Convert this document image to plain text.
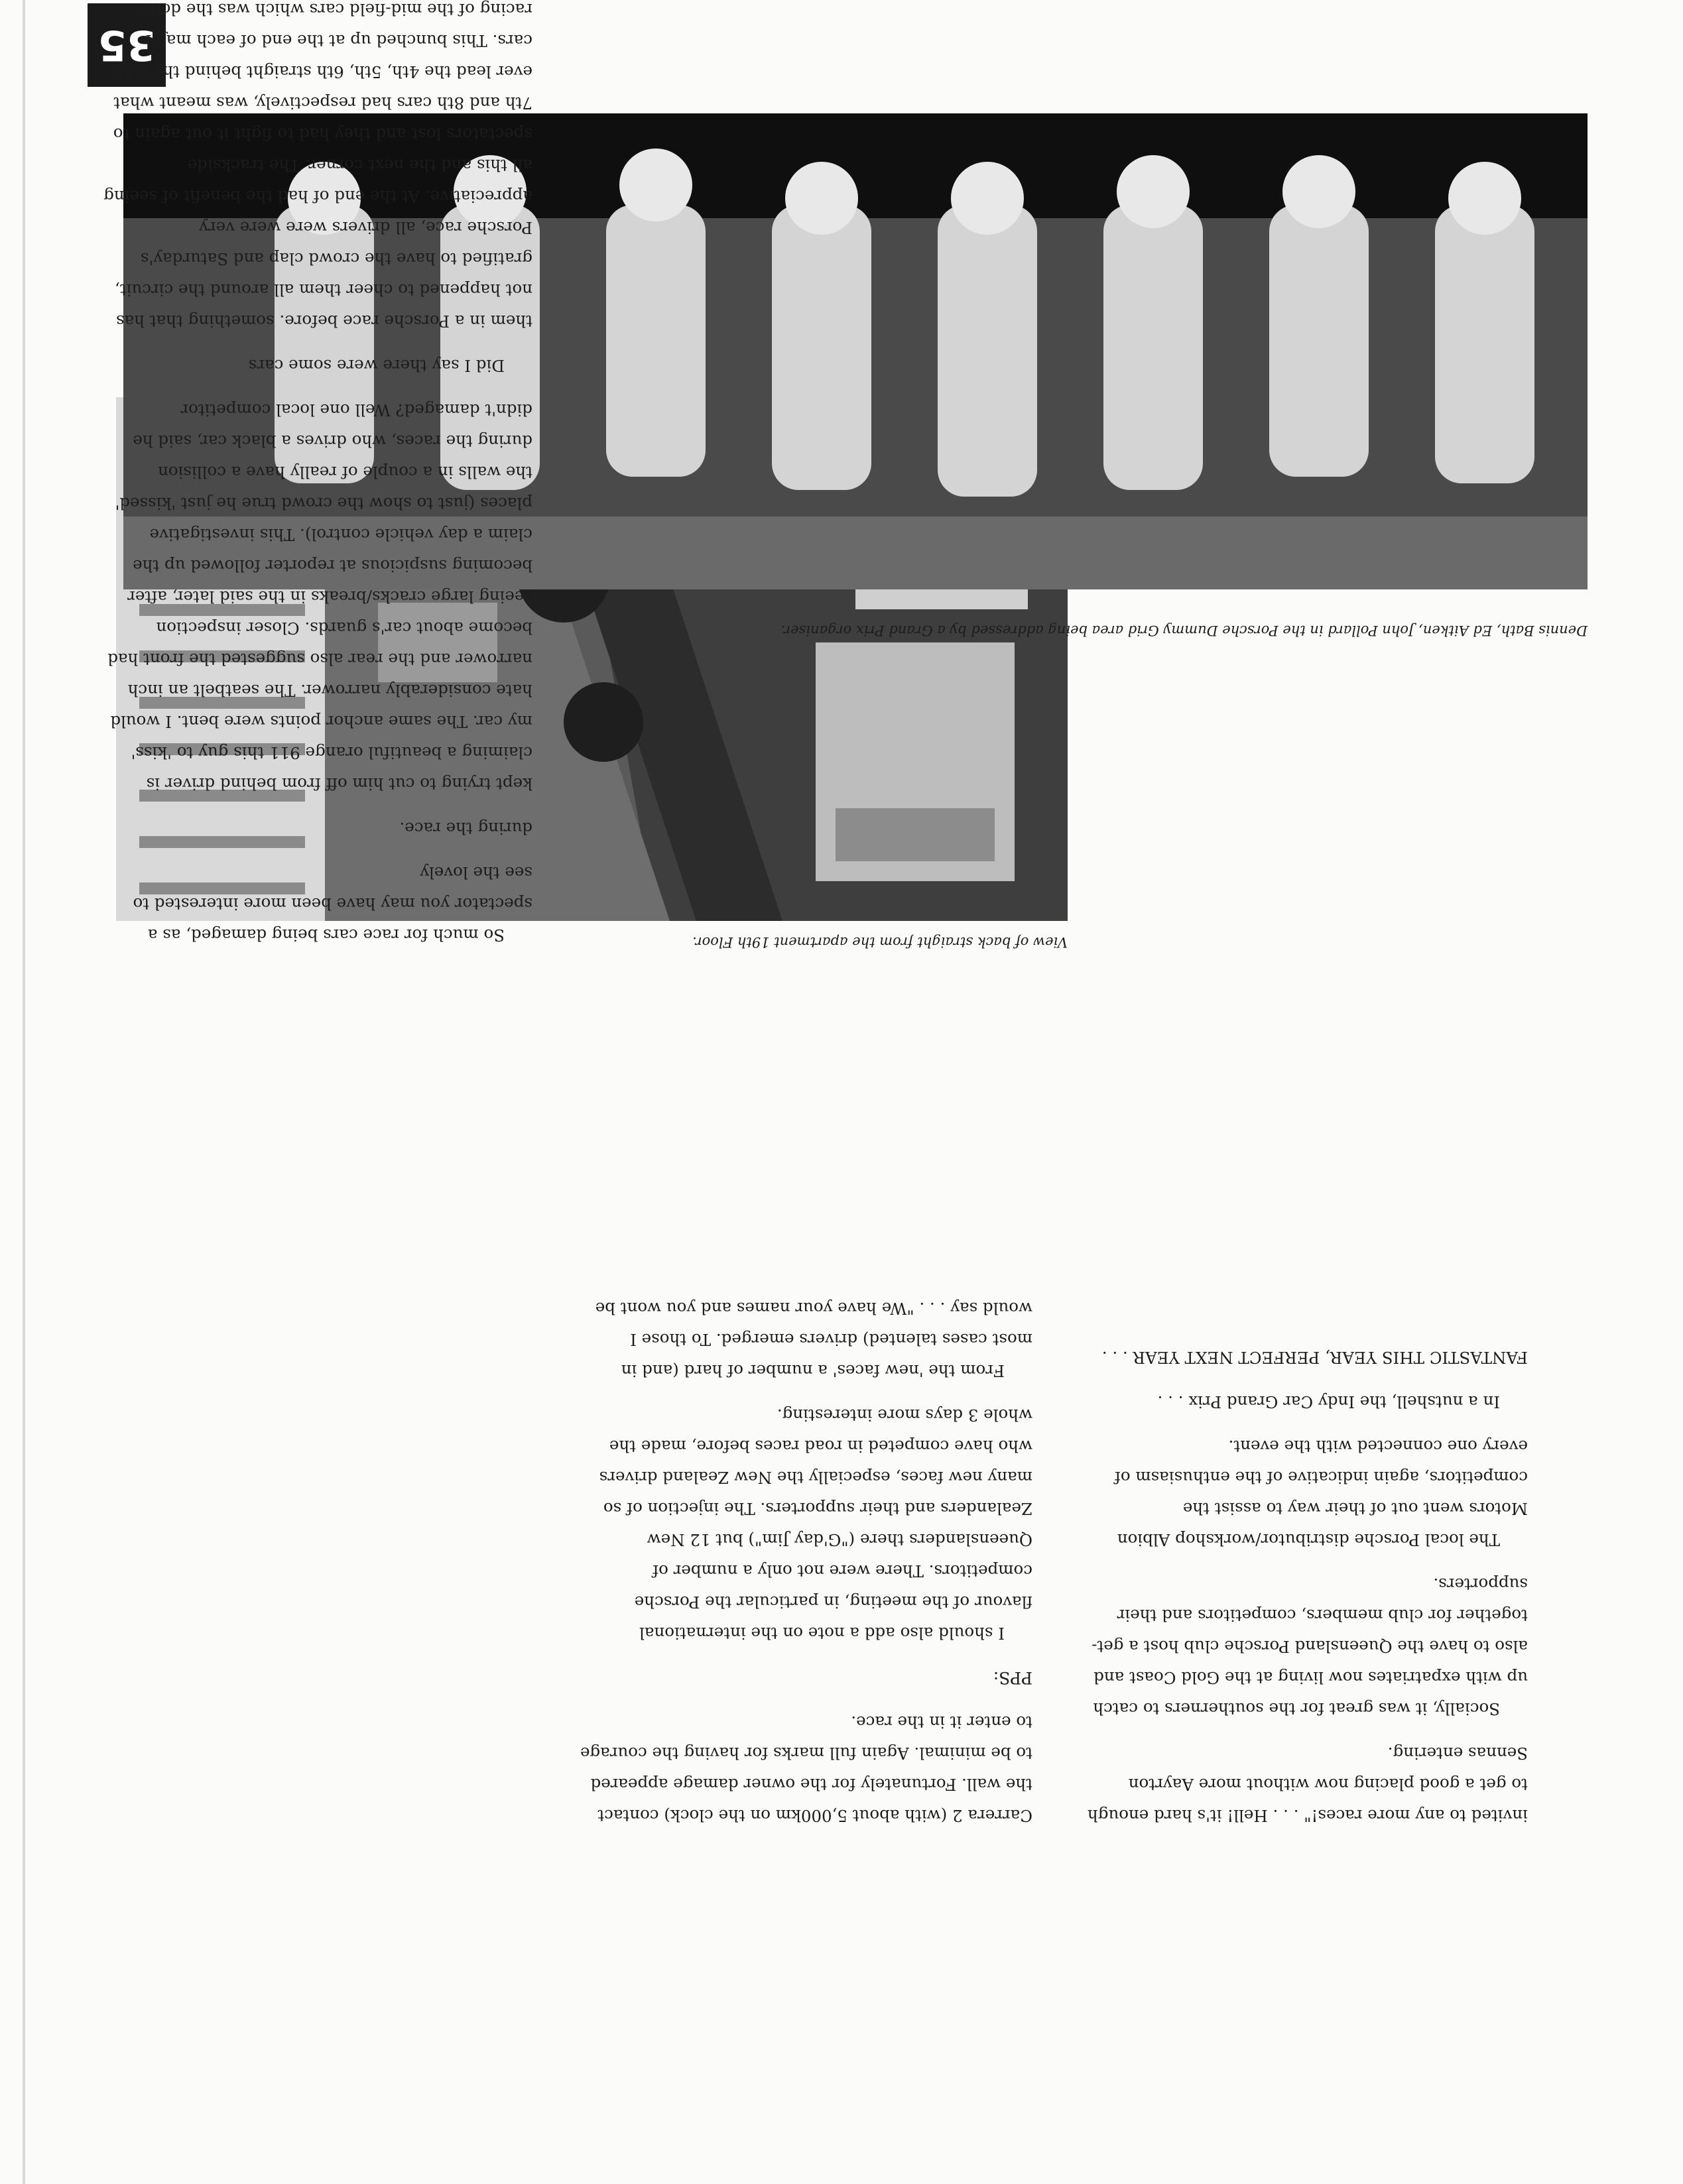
35

invited to any more races!" . . . Hell! it's hard enough to get a good placing now without more Aayrton Sennas entering.

Socially, it was great for the southerners to catch up with expatriates now living at the Gold Coast and also to have the Queensland Porsche club host a get-together for club members, competitors and their supporters.

The local Porsche distributor/workshop Albion Motors went out of their way to assist the competitors, again indicative of the enthusiasm of every one connected with the event.

In a nutshell, the Indy Car Grand Prix . . .

FANTASTIC THIS YEAR, PERFECT NEXT YEAR . . .

Carrera 2 (with about 5,000km on the clock) contact the wall. Fortunately for the owner damage appeared to be minimal. Again full marks for having the courage to enter it in the race.

PPS:

I should also add a note on the international flavour of the meeting, in particular the Porsche competitors. There were not only a number of Queenslanders there ("G'day Jim") but 12 New Zealanders and their supporters. The injection of so many new faces, especially the New Zealand drivers who have competed in road races before, made the whole 3 days more interesting.

From the 'new faces' a number of hard (and in most cases talented) drivers emerged. To those I would say . . . "We have your names and you wont be

View of back straight from the apartment 19th Floor.
Dennis Bath, Ed Aitken, John Pollard in the Porsche Dummy Grid area being addressed by a Grand Prix organiser.

So much for race cars being damaged, as a spectator you may have been more interested to see the lovely

during the race.

kept trying to cut him off from behind driver is claiming a beautiful orange 911 this guy to 'kiss' my car. The same anchor points were bent. I would hate considerably narrower. The seatbelt an inch narrower and the rear also suggested the front had become about car's guards. Closer inspection seeing large cracks/breaks in the said later, after becoming suspicious at reporter followed up the claim a day vehicle control). This investigative places (just to show the crowd true he just 'kissed' the walls in a couple of really have a collision during the races, who drives a black car, said he didn't damaged? Well one local competitor

Did I say there were some cars

them in a Porsche race before. something that has not happened to cheer them all around the circuit, gratified to have the crowd clap and Saturday's Porsche race, all drivers were were very appreciative. At the end of had the benefit of seeing all this and the next corner. The trackside spectators lost and they had to fight it out again to 7th and 8th cars had respectively, was meant what ever lead the 4th, 5th, 6th straight behind the lead cars. This bunched up at the end of each major racing of the mid-field cars which was the door-
